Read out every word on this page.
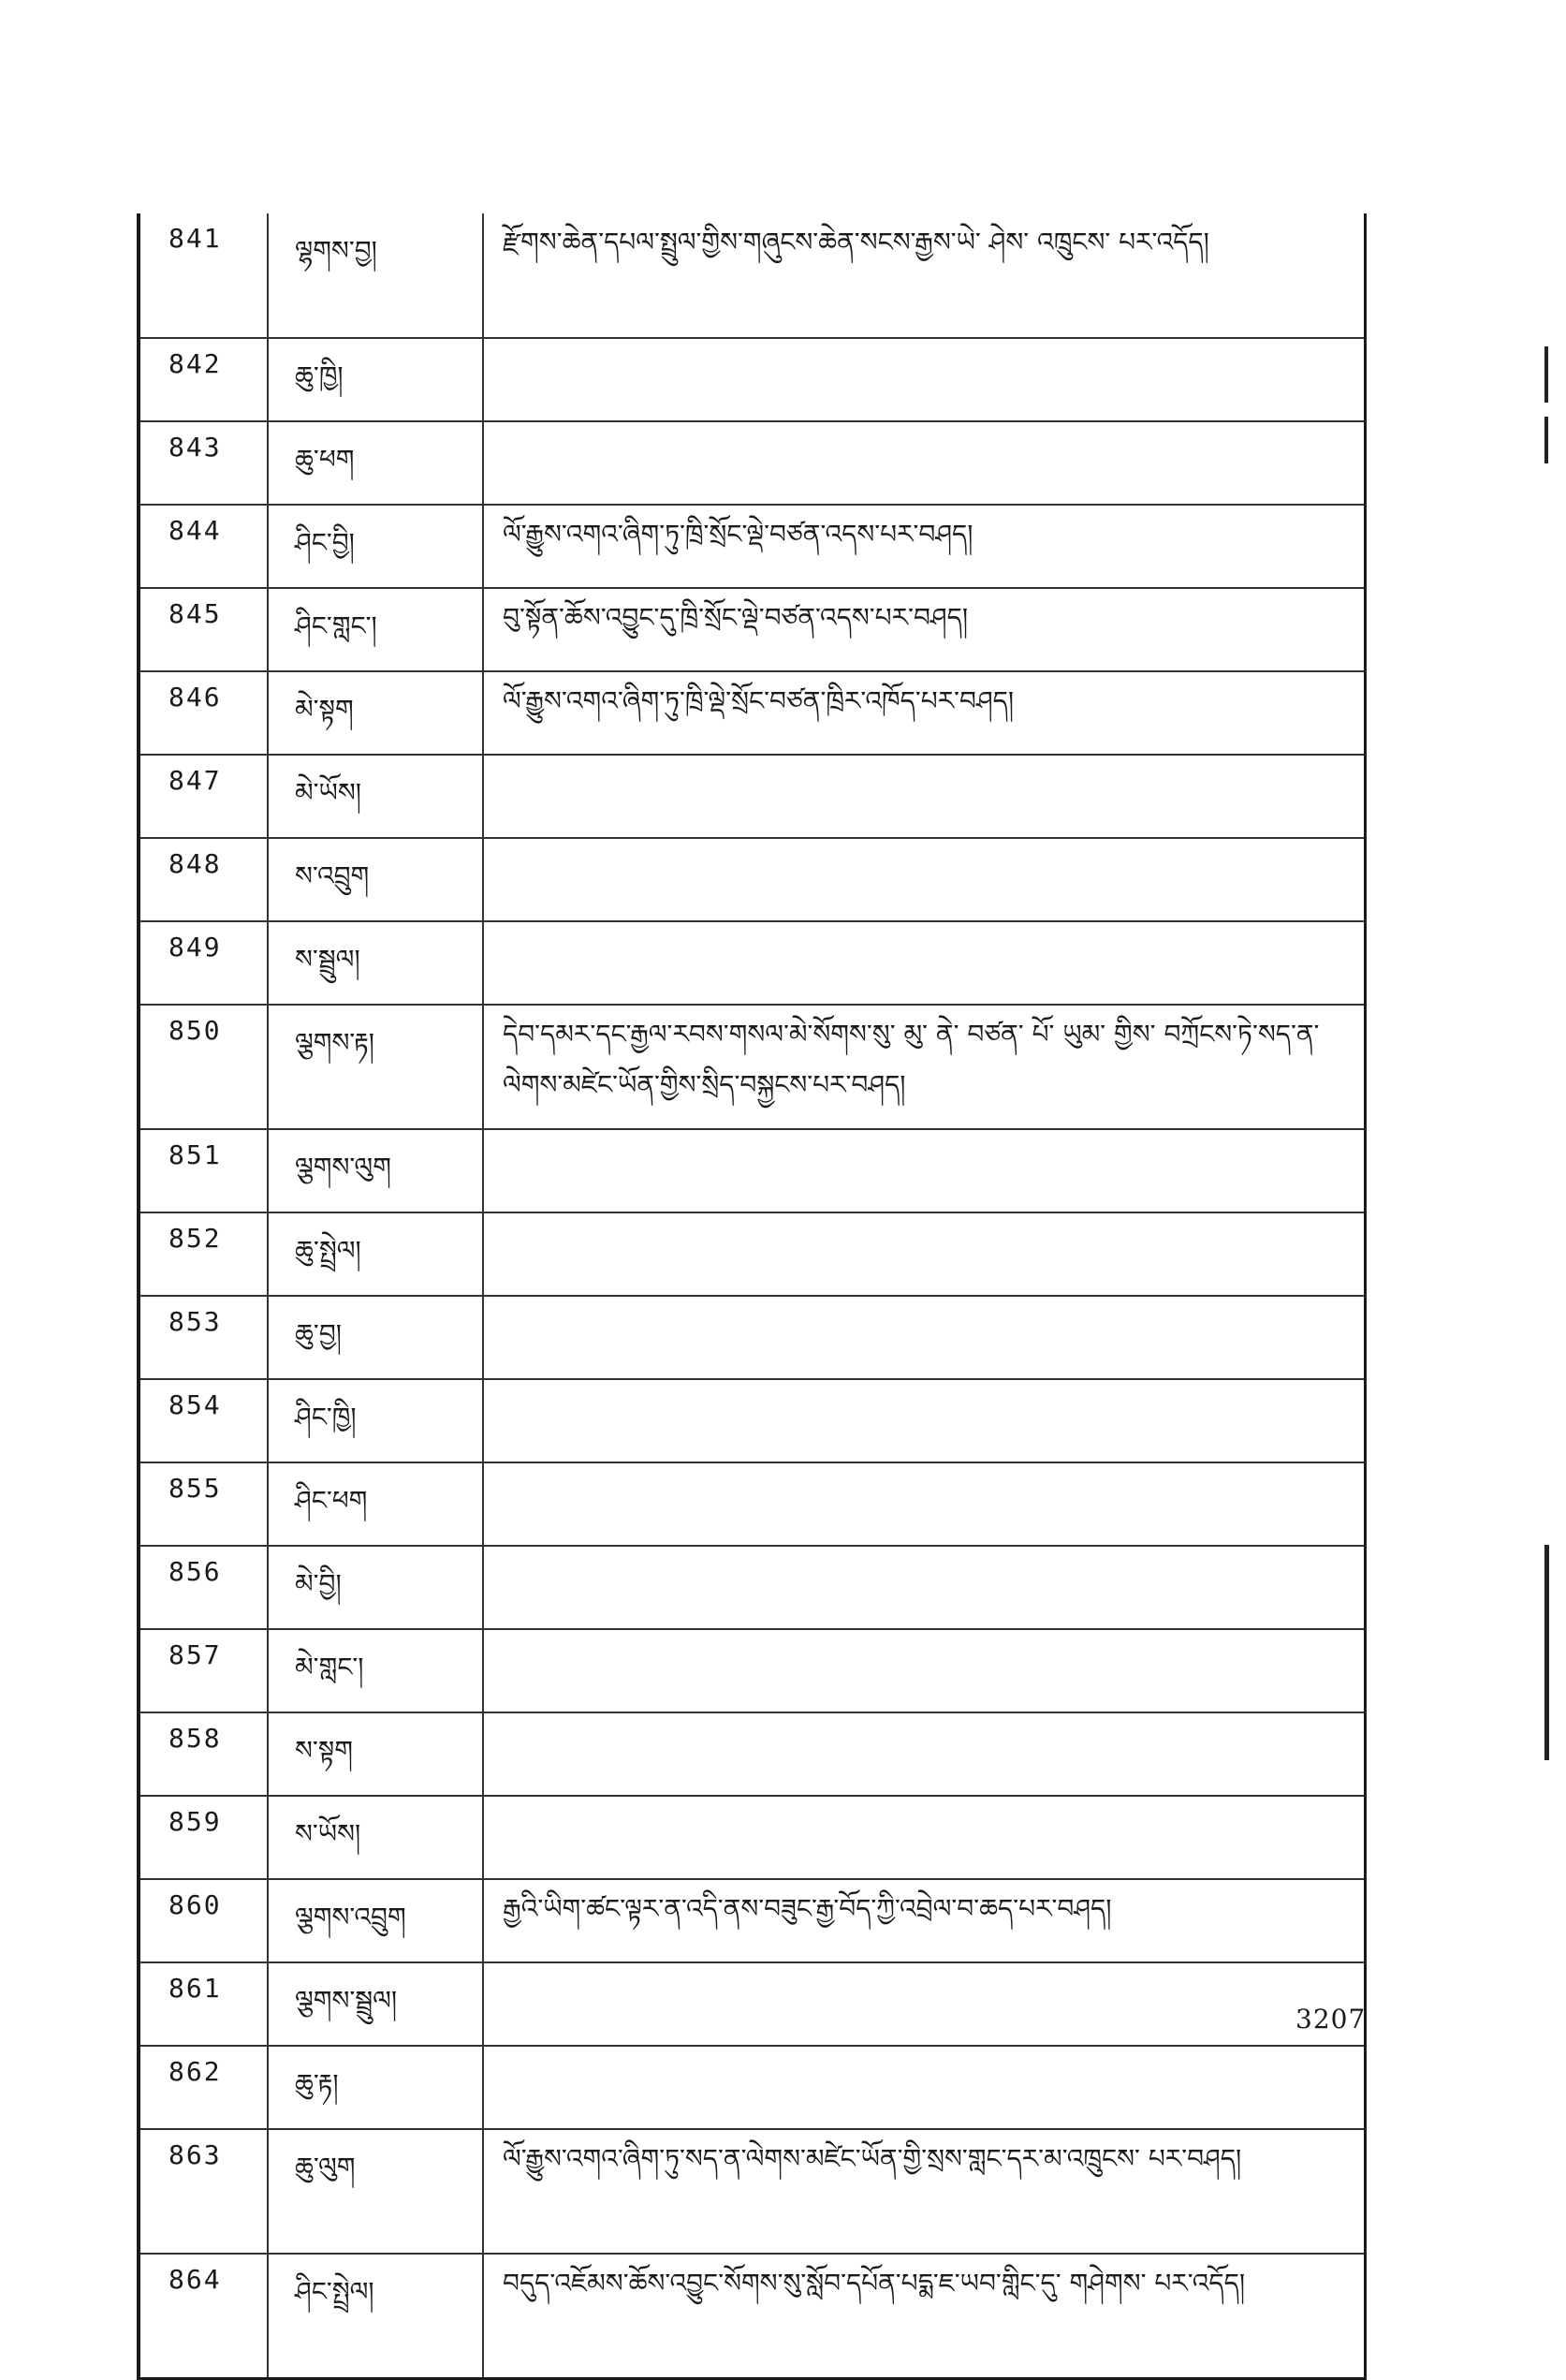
841	ལྷགས་བྱ།	རྫོགས་ཆེན་དཔལ་སྤྲུལ་གྱིས་གཞུངས་ཆེན་སངས་རྒྱས་ཡེ་ ཤེས་ འཁྲུངས་ པར་འདོད།
842	ཆུ་ཁྱི།	
843	ཆུ་ཕག	
844	ཤིང་བྱི།	ལོ་རྒྱུས་འགའ་ཞིག་ཏུ་ཁྲི་སྲོང་ལྡེ་བཙན་འདས་པར་བཤད།
845	ཤིང་གླང་།	བུ་སྟོན་ཆོས་འབྱུང་དུ་ཁྲི་སྲོང་ལྡེ་བཙན་འདས་པར་བཤད།
846	མེ་སྟག	ལོ་རྒྱུས་འགའ་ཞིག་ཏུ་ཁྲི་ལྡེ་སྲོང་བཙན་ཁྲིར་འཁོད་པར་བཤད།
847	མེ་ཡོས།	
848	ས་འབྲུག	
849	ས་སྦྲུལ།	
850	ལྕགས་རྟ།	དེབ་དམར་དང་རྒྱལ་རབས་གསལ་མེ་སོགས་སུ་ མུ་ ནེ་ བཙན་ པོ་ ཡུམ་ གྱིས་ བཀྲོངས་ཏེ་སད་ན་ལེགས་མཛེང་ཡོན་གྱིས་སྲིད་བསྐྱངས་པར་བཤད།
851	ལྕགས་ལུག	
852	ཆུ་སྤྲེལ།	
853	ཆུ་བྱ།	
854	ཤིང་ཁྱི།	
855	ཤིང་ཕག	
856	མེ་བྱི།	
857	མེ་གླང་།	
858	ས་སྟག	
859	ས་ཡོས།	
860	ལྕགས་འབྲུག	རྒྱའི་ཡིག་ཚང་ལྟར་ན་འདི་ནས་བཟུང་རྒྱ་བོད་ཀྱི་འབྲེལ་བ་ཆད་པར་བཤད།
861	ལྕགས་སྦྲུལ།	
862	ཆུ་རྟ།	
863	ཆུ་ལུག	ལོ་རྒྱུས་འགའ་ཞིག་ཏུ་སད་ན་ལེགས་མཛེང་ཡོན་གྱི་སྲས་གླང་དར་མ་འཁྲུངས་ པར་བཤད།
864	ཤིང་སྤྲེལ།	བདུད་འཇོམས་ཆོས་འབྱུང་སོགས་སུ་སློབ་དཔོན་པདྨ་ཇ་ཡབ་གླིང་དུ་ གཤེགས་ པར་འདོད།
3207
